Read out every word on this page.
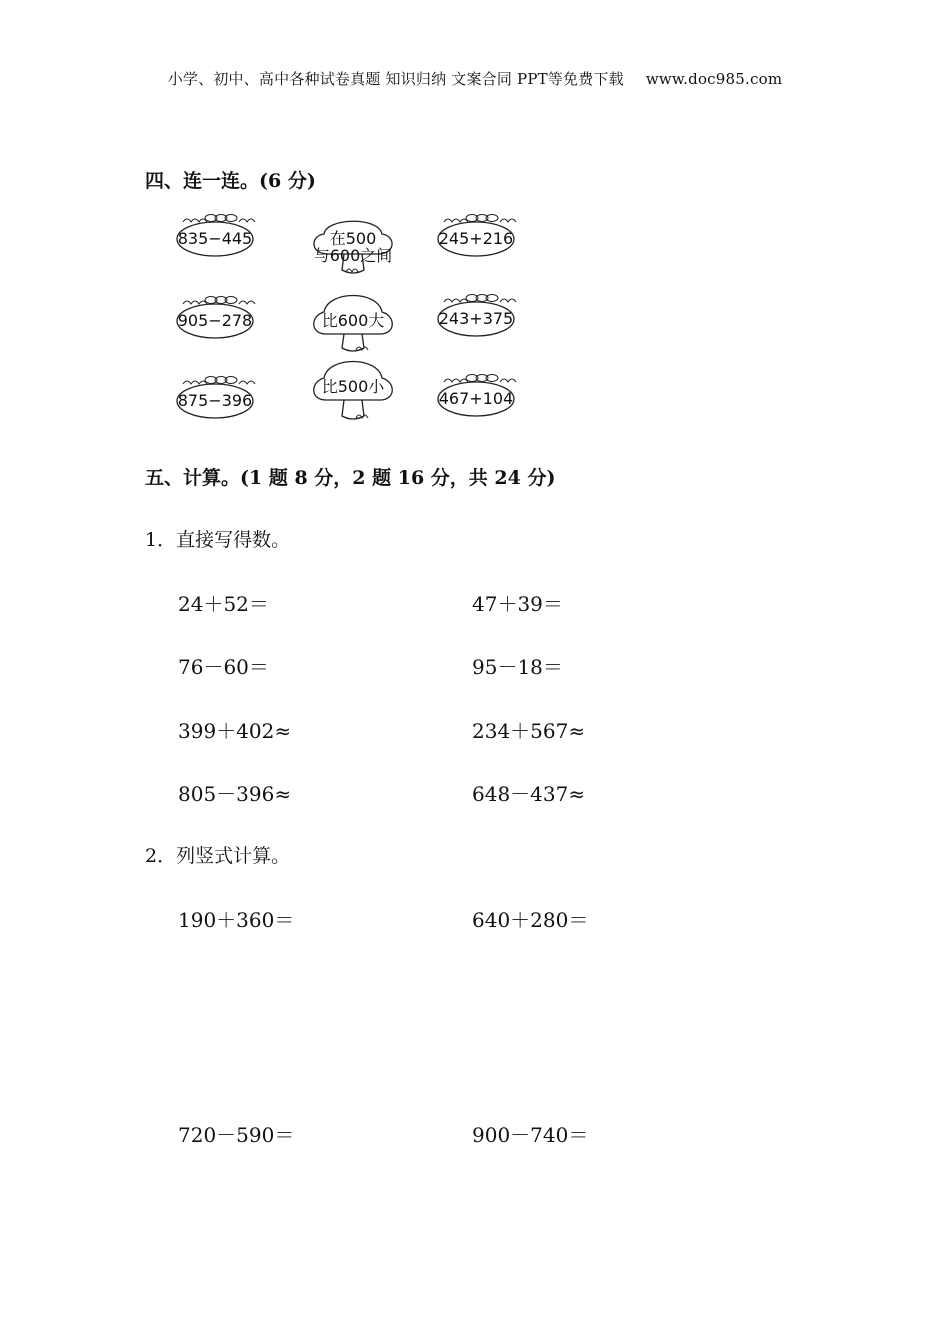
小学、初中、高中各种试卷真题 知识归纳 文案合同 PPT等免费下载 www.doc985.com
四、连一连。(6 分)
835−445
905−278
875−396
在500
与600之间
比600大
比500小
245+216
243+375
467+104
五、计算。(1 题 8 分，2 题 16 分，共 24 分)
1．直接写得数。
24＋52＝	47＋39＝
76－60＝	95－18＝
399＋402≈	234＋567≈
805－396≈	648－437≈
2．列竖式计算。
190＋360＝	640＋280＝
720－590＝	900－740＝
